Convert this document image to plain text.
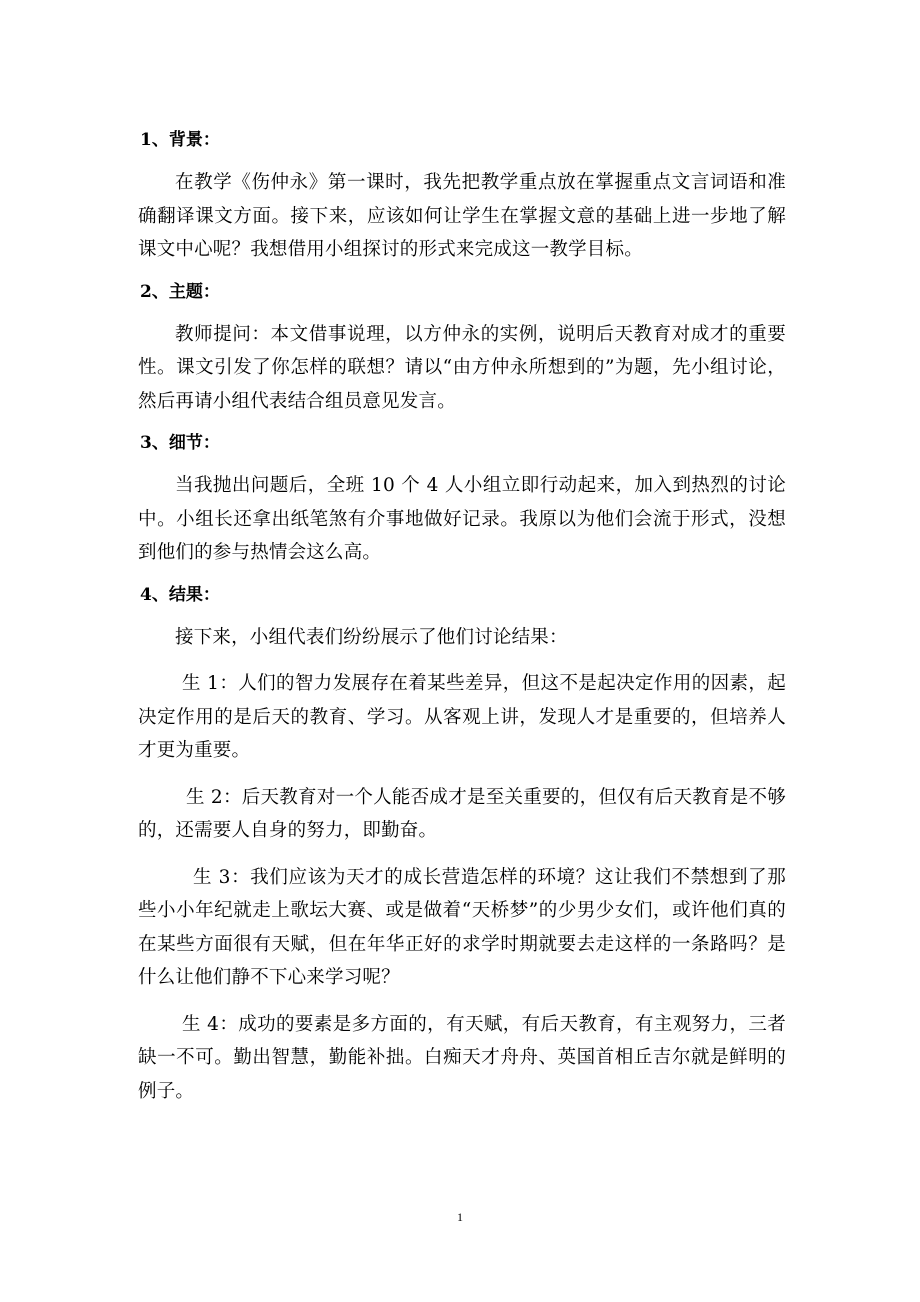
1、背景：

在教学《伤仲永》第一课时，我先把教学重点放在掌握重点文言词语和准确翻译课文方面。接下来，应该如何让学生在掌握文意的基础上进一步地了解课文中心呢？我想借用小组探讨的形式来完成这一教学目标。

2、主题：

教师提问：本文借事说理，以方仲永的实例，说明后天教育对成才的重要性。课文引发了你怎样的联想？请以“由方仲永所想到的”为题，先小组讨论，然后再请小组代表结合组员意见发言。

3、细节：

当我抛出问题后，全班 10 个 4 人小组立即行动起来，加入到热烈的讨论中。小组长还拿出纸笔煞有介事地做好记录。我原以为他们会流于形式，没想到他们的参与热情会这么高。

4、结果：

接下来，小组代表们纷纷展示了他们讨论结果：

生 1：人们的智力发展存在着某些差异，但这不是起决定作用的因素，起决定作用的是后天的教育、学习。从客观上讲，发现人才是重要的，但培养人才更为重要。

生 2：后天教育对一个人能否成才是至关重要的，但仅有后天教育是不够的，还需要人自身的努力，即勤奋。

生 3：我们应该为天才的成长营造怎样的环境？这让我们不禁想到了那些小小年纪就走上歌坛大赛、或是做着“天桥梦”的少男少女们，或许他们真的在某些方面很有天赋，但在年华正好的求学时期就要去走这样的一条路吗？是什么让他们静不下心来学习呢？

生 4：成功的要素是多方面的，有天赋，有后天教育，有主观努力，三者缺一不可。勤出智慧，勤能补拙。白痴天才舟舟、英国首相丘吉尔就是鲜明的例子。

1
